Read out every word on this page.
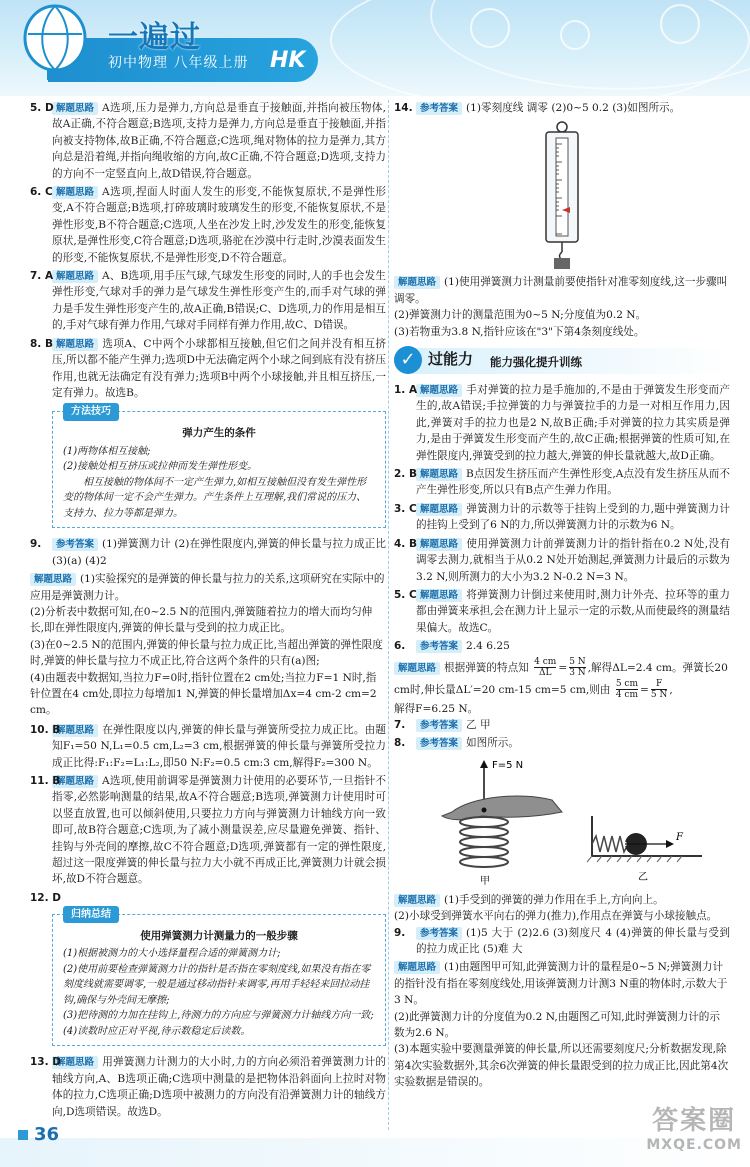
一遍过
初中物理 八年级上册 HK
5. D 解题思路 A选项,压力是弹力,方向总是垂直于接触面,并指向被压物体,故A正确,不符合题意;B选项,支持力是弹力,方向总是垂直于接触面,并指向被支持物体,故B正确,不符合题意;C选项,绳对物体的拉力是弹力,其方向总是沿着绳,并指向绳收缩的方向,故C正确,不符合题意;D选项,支持力的方向不一定竖直向上,故D错误,符合题意。
6. C 解题思路 A选项,捏面人时面人发生的形变,不能恢复原状,不是弹性形变,A不符合题意;B选项,打碎玻璃时玻璃发生的形变,不能恢复原状,不是弹性形变,B不符合题意;C选项,人坐在沙发上时,沙发发生的形变,能恢复原状,是弹性形变,C符合题意;D选项,骆驼在沙漠中行走时,沙漠表面发生的形变,不能恢复原状,不是弹性形变,D不符合题意。
7. A 解题思路 A、B选项,用手压气球,气球发生形变的同时,人的手也会发生弹性形变,气球对手的弹力是气球发生弹性形变产生的,而手对气球的弹力是手发生弹性形变产生的,故A正确,B错误;C、D选项,力的作用是相互的,手对气球有弹力作用,气球对手同样有弹力作用,故C、D错误。
8. B 解题思路 选项A、C中两个小球都相互接触,但它们之间并没有相互挤压,所以都不能产生弹力;选项D中无法确定两个小球之间到底有没有挤压作用,也就无法确定有没有弹力;选项B中两个小球接触,并且相互挤压,一定有弹力。故选B。
方法技巧
弹力产生的条件

(1)两物体相互接触;

(2)接触处相互挤压或拉伸而发生弹性形变。

相互接触的物体间不一定产生弹力,如相互接触但没有发生弹性形变的物体间一定不会产生弹力。产生条件上互理解,我们常说的压力、支持力、拉力等都是弹力。

9. 参考答案 (1)弹簧测力计 (2)在弹性限度内,弹簧的伸长量与拉力成正比 (3)(a) (4)2

解题思路 (1)实验探究的是弹簧的伸长量与拉力的关系,这项研究在实际中的应用是弹簧测力计。

(2)分析表中数据可知,在0~2.5 N的范围内,弹簧随着拉力的增大而均匀伸长,即在弹性限度内,弹簧的伸长量与受到的拉力成正比。

(3)在0~2.5 N的范围内,弹簧的伸长量与拉力成正比,当超出弹簧的弹性限度时,弹簧的伸长量与拉力不成正比,符合这两个条件的只有(a)图;

(4)由题表中数据知,当拉力F=0时,指针位置在2 cm处;当拉力F=1 N时,指针位置在4 cm处,即拉力每增加1 N,弹簧的伸长量增加Δx=4 cm-2 cm=2 cm。

10. B
解题思路 在弹性限度以内,弹簧的伸长量与弹簧所受拉力成正比。由题知F₁=50 N,L₁=0.5 cm,L₂=3 cm,根据弹簧的伸长量与弹簧所受拉力成正比得:F₁:F₂=L₁:L₂,即50 N:F₂=0.5 cm:3 cm,解得F₂=300 N。
11. B
解题思路 A选项,使用前调零是弹簧测力计使用的必要环节,一旦指针不指零,必然影响测量的结果,故A不符合题意;B选项,弹簧测力计使用时可以竖直放置,也可以倾斜使用,只要拉力方向与弹簧测力计轴线方向一致即可,故B符合题意;C选项,为了减小测量误差,应尽量避免弹簧、指针、挂钩与外壳间的摩擦,故C不符合题意;D选项,弹簧都有一定的弹性限度,超过这一限度弹簧的伸长量与拉力大小就不再成正比,弹簧测力计就会损坏,故D不符合题意。
12. D
归纳总结
使用弹簧测力计测量力的一般步骤

(1)根据被测力的大小选择量程合适的弹簧测力计;

(2)使用前要检查弹簧测力计的指针是否指在零刻度线,如果没有指在零刻度线就需要调零,一般是通过移动指针来调零,再用手轻轻来回拉动挂钩,确保与外壳间无摩擦;

(3)把待测的力加在挂钩上,待测力的方向应与弹簧测力计轴线方向一致;

(4)读数时应正对平视,待示数稳定后读数。

13. D
解题思路 用弹簧测力计测力的大小时,力的方向必须沿着弹簧测力计的轴线方向,A、B选项正确;C选项中测量的是把物体沿斜面向上拉时对物体的拉力,C选项正确;D选项中被测力的方向没有沿弹簧测力计的轴线方向,D选项错误。故选D。
14. 参考答案 (1)零刻度线 调零 (2)0~5 0.2 (3)如图所示。

解题思路 (1)使用弹簧测力计测量前要使指针对准零刻度线,这一步骤叫调零。

(2)弹簧测力计的测量范围为0~5 N;分度值为0.2 N。

(3)若物重为3.8 N,指针应该在"3"下第4条刻度线处。

✓ 过能力 能力强化提升训练
1. A 解题思路 手对弹簧的拉力是手施加的,不是由于弹簧发生形变而产生的,故A错误;手拉弹簧的力与弹簧拉手的力是一对相互作用力,因此,弹簧对手的拉力也是2 N,故B正确;手对弹簧的拉力其实质是弹力,是由于弹簧发生形变而产生的,故C正确;根据弹簧的性质可知,在弹性限度内,弹簧受到的拉力越大,弹簧的伸长量就越大,故D正确。
2. B 解题思路 B点因发生挤压而产生弹性形变,A点没有发生挤压从而不产生弹性形变,所以只有B点产生弹力作用。
3. C 解题思路 弹簧测力计的示数等于挂钩上受到的力,题中弹簧测力计的挂钩上受到了6 N的力,所以弹簧测力计的示数为6 N。
4. B 解题思路 使用弹簧测力计前弹簧测力计的指针指在0.2 N处,没有调零去测力,就相当于从0.2 N处开始测起,弹簧测力计最后的示数为3.2 N,则所测力的大小为3.2 N-0.2 N=3 N。
5. C 解题思路 将弹簧测力计倒过来使用时,测力计外壳、拉环等的重力都由弹簧来承担,会在测力计上显示一定的示数,从而使最终的测量结果偏大。故选C。
6. 参考答案 2.4 6.25
解题思路 根据弹簧的特点知 $\frac{4 cm}{\Delta L} = \frac{5 N}{3 N}$ ,解得ΔL=2.4 cm。弹簧长20 cm时,伸长量ΔL′=20 cm-15 cm=5 cm,则由 $\frac{5 cm}{4 cm} = \frac{F}{5 N}$ ,

解得F=6.25 N。

7. 参考答案 乙 甲
8. 参考答案 如图所示。
F=5 N
甲
F
乙

解题思路 (1)手受到的弹簧的弹力作用在手上,方向向上。

(2)小球受到弹簧水平向右的弹力(推力),作用点在弹簧与小球接触点。

9. 参考答案 (1)5 大于 (2)2.6 (3)刻度尺 4 (4)弹簧的伸长量与受到的拉力成正比 (5)难 大

解题思路 (1)由题图甲可知,此弹簧测力计的量程是0~5 N;弹簧测力计的指针没有指在零刻度线处,用该弹簧测力计测3 N重的物体时,示数大于3 N。

(2)此弹簧测力计的分度值为0.2 N,由题图乙可知,此时弹簧测力计的示数为2.6 N。

(3)本题实验中要测量弹簧的伸长量,所以还需要刻度尺;分析数据发现,除第4次实验数据外,其余6次弹簧的伸长量跟受到的拉力成正比,因此第4次实验数据是错误的。

36	答案圈
MXQE.COM
